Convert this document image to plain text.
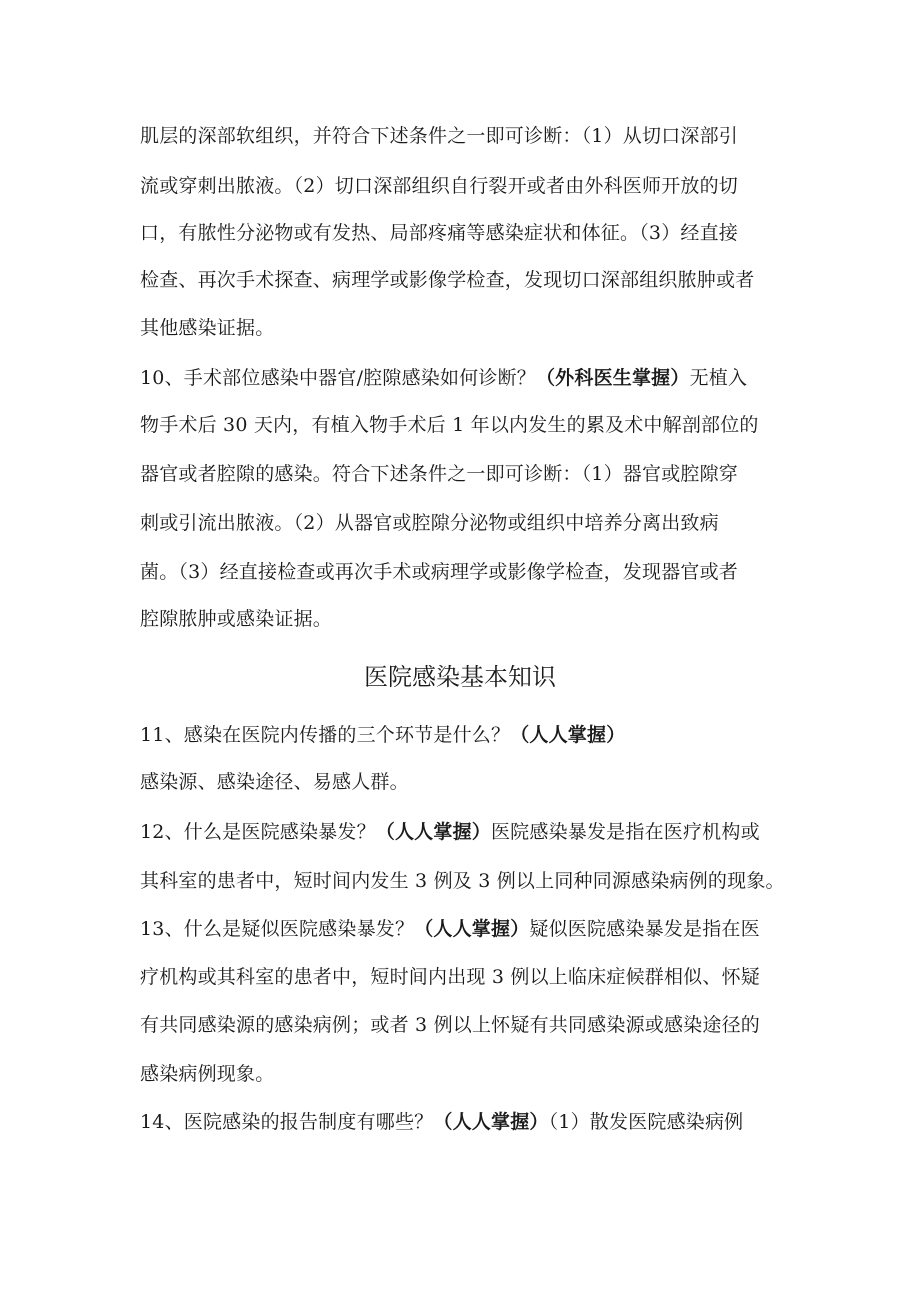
肌层的深部软组织，并符合下述条件之一即可诊断：（1）从切口深部引
流或穿刺出脓液。（2）切口深部组织自行裂开或者由外科医师开放的切
口，有脓性分泌物或有发热、局部疼痛等感染症状和体征。（3）经直接
检查、再次手术探查、病理学或影像学检查，发现切口深部组织脓肿或者
其他感染证据。
10、手术部位感染中器官/腔隙感染如何诊断？（外科医生掌握）无植入
物手术后 30 天内，有植入物手术后 1 年以内发生的累及术中解剖部位的
器官或者腔隙的感染。符合下述条件之一即可诊断：（1）器官或腔隙穿
刺或引流出脓液。（2）从器官或腔隙分泌物或组织中培养分离出致病
菌。（3）经直接检查或再次手术或病理学或影像学检查，发现器官或者
腔隙脓肿或感染证据。
医院感染基本知识
11、感染在医院内传播的三个环节是什么？（人人掌握）
感染源、感染途径、易感人群。
12、什么是医院感染暴发？（人人掌握）医院感染暴发是指在医疗机构或
其科室的患者中，短时间内发生 3 例及 3 例以上同种同源感染病例的现象。
13、什么是疑似医院感染暴发？（人人掌握）疑似医院感染暴发是指在医
疗机构或其科室的患者中，短时间内出现 3 例以上临床症候群相似、怀疑
有共同感染源的感染病例；或者 3 例以上怀疑有共同感染源或感染途径的
感染病例现象。
14、医院感染的报告制度有哪些？（人人掌握）（1）散发医院感染病例
